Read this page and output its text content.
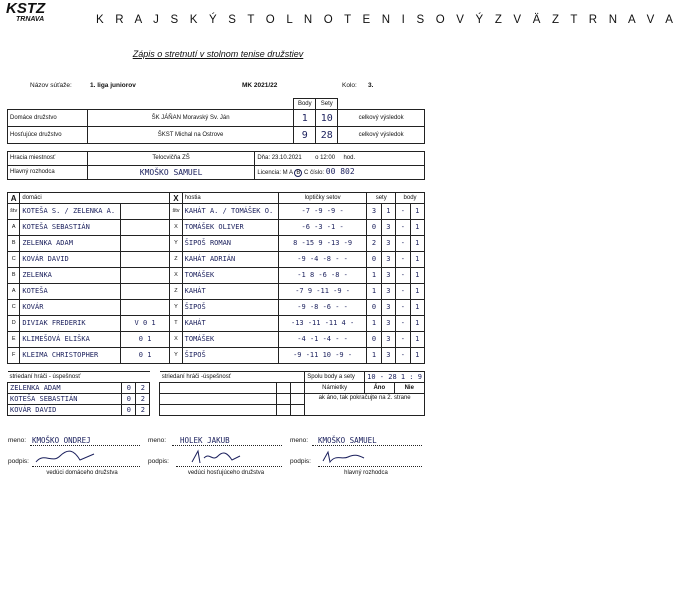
KSTZ
TRNAVA	K R A J S K Ý S T O L N O T E N I S O V Ý Z V Ä Z T R N A V A
Zápis o stretnutí v stolnom tenise družstiev
Názov súťaže:	1. liga juniorov	MK 2021/22	Kolo: 3.
		Body	Sety	
Domáce družstvo	ŠK JÁŇAN Moravský Sv. Ján	1	10	celkový výsledok
Hosťujúce družstvo	ŠKST Michal na Ostrove	9	28	celkový výsledok
Hracia miestnosť	Telocvičňa ZŠ	Dňa: 23.10.2021 o 12:00 hod.
Hlavný rozhodca	KMOŠKO SAMUEL	Licencia: M A B C číslo: 00 802
A	domáci		X	hostia	loptičky setov	sety		body	
štv	KOTEŠA S. / ZELENKA A.		štv	KAHÁT A. / TOMÁŠEK O.	-7 -9 -9 -	3	1	-	1
A	KOTEŠA SEBASTIÁN		X	TOMÁŠEK OLIVER	-6 -3 -1 -	0	3	-	1
B	ZELENKA ADAM		Y	ŠIPOŠ ROMAN	8 -15 9 -13 -9	2	3	-	1
C	KOVÁR DAVID		Z	KAHÁT ADRIÁN	-9 -4 -8 - -	0	3	-	1
B	ZELENKA		X	TOMÁŠEK	-1 8 -6 -8 -	1	3	-	1
A	KOTEŠA		Z	KAHÁT	-7 9 -11 -9 -	1	3	-	1
C	KOVÁR		Y	ŠIPOŠ	-9 -8 -6 - -	0	3	-	1
D	DIVIAK FREDERIK	V 0 1	T	KAHÁT	-13 -11 -11 4 -	1	3	-	1
E	KLIMEŠOVÁ ELIŠKA	0 1	X	TOMÁŠEK	-4 -1 -4 - -	0	3	-	1
F	KLEIMA CHRISTOPHER	0 1	Y	ŠIPOŠ	-9 -11 10 -9 -	1	3	-	1
striedaní hráči - úspešnosť				striedaní hráči -úspešnosť			Spolu body a sety	10 - 28 1 : 9	
ZELENKA ADAM	0	2					Námietky	Áno	Nie
KOTEŠA SEBASTIÁN	0	2					ak áno, tak pokračujte na 2. strane		
KOVÁR DAVID	0	2							
meno: KMOŠKO ONDREJ	meno: HOLEK JAKUB	meno: KMOŠKO SAMUEL
podpis:	podpis:	podpis:
vedúci domáceho družstva	vedúci hosťujúceho družstva	hlavný rozhodca
